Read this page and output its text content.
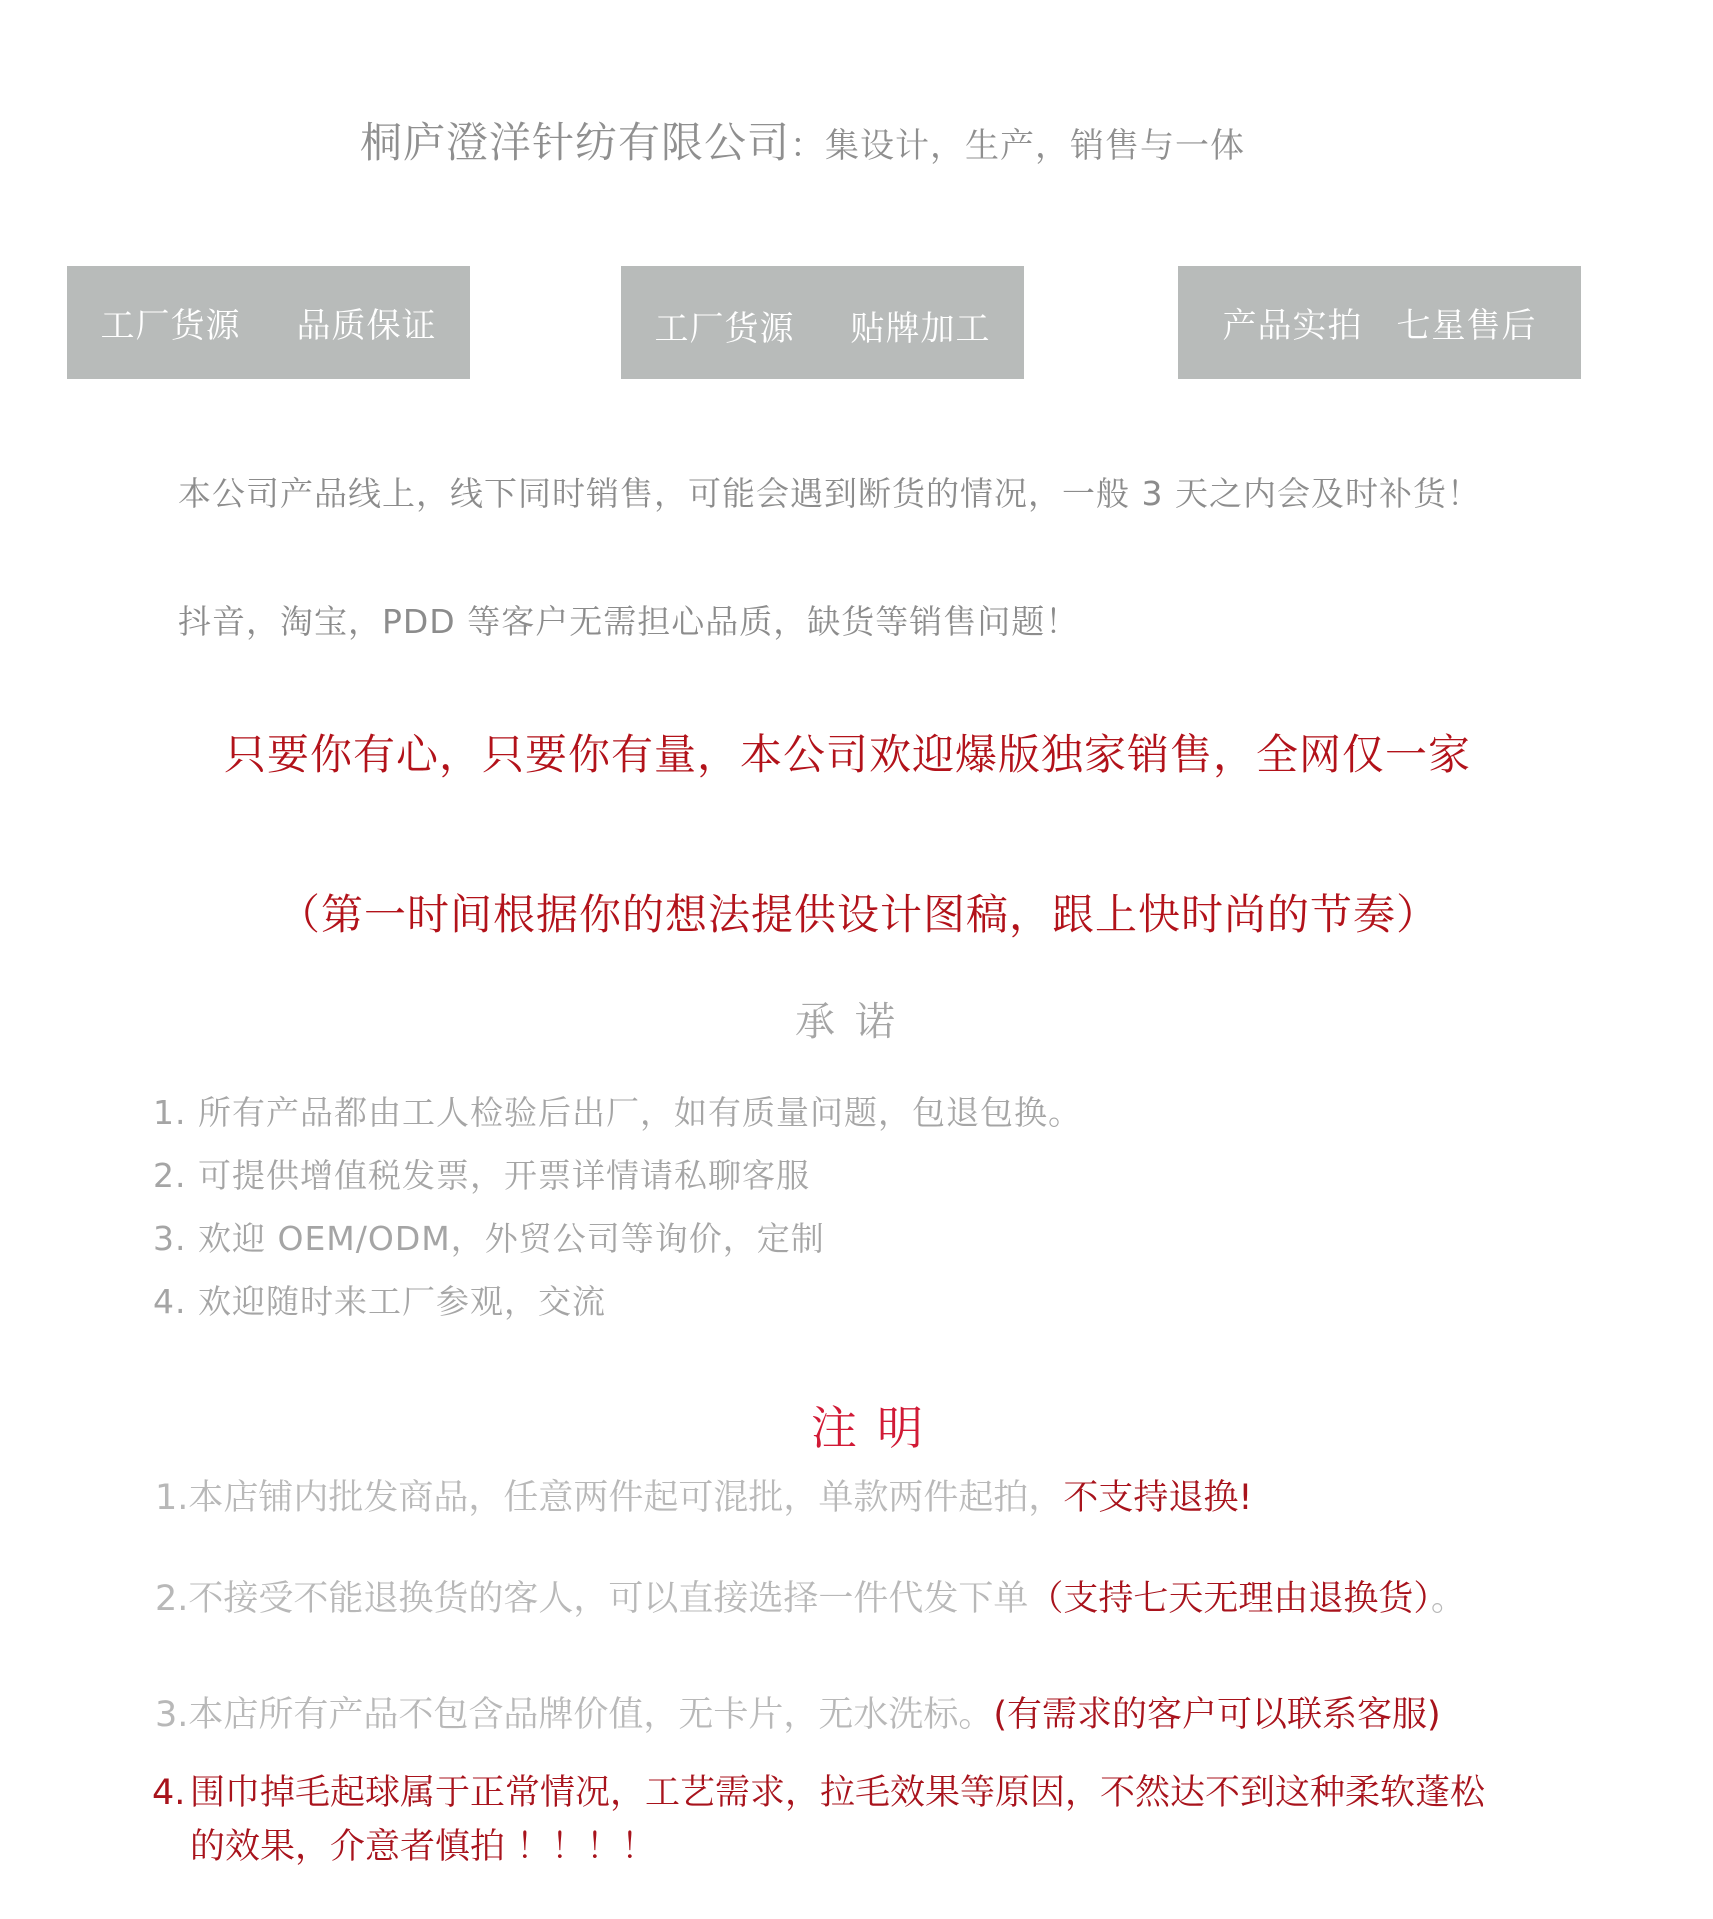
桐庐澄洋针纺有限公司：集设计，生产，销售与一体
工厂货源 品质保证	工厂货源 贴牌加工	产品实拍 七星售后
本公司产品线上，线下同时销售，可能会遇到断货的情况，一般 3 天之内会及时补货！
抖音，淘宝，PDD 等客户无需担心品质，缺货等销售问题！
只要你有心，只要你有量，本公司欢迎爆版独家销售，全网仅一家
（第一时间根据你的想法提供设计图稿，跟上快时尚的节奏）
承诺
1. 所有产品都由工人检验后出厂，如有质量问题，包退包换。
2. 可提供增值税发票，开票详情请私聊客服
3. 欢迎 OEM/ODM，外贸公司等询价，定制
4. 欢迎随时来工厂参观，交流
注明
1.本店铺内批发商品，任意两件起可混批，单款两件起拍，不支持退换!
2.不接受不能退换货的客人，可以直接选择一件代发下单（支持七天无理由退换货）。
3.本店所有产品不包含品牌价值，无卡片，无水洗标。(有需求的客户可以联系客服)
4. 围巾掉毛起球属于正常情况，工艺需求，拉毛效果等原因，不然达不到这种柔软蓬松
的效果，介意者慎拍 ！！！！
